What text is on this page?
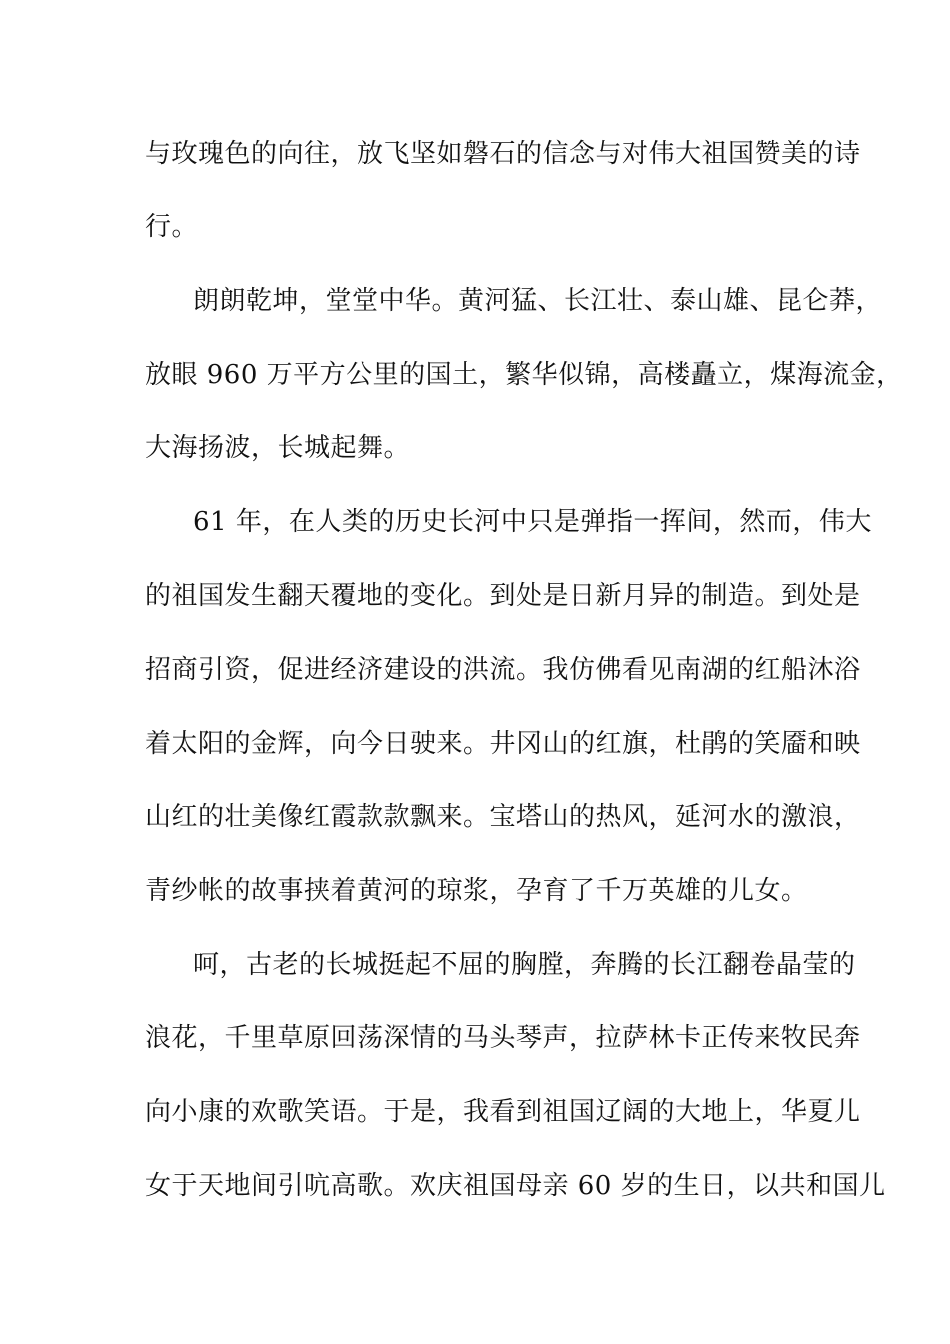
与玫瑰色的向往，放飞坚如磐石的信念与对伟大祖国赞美的诗
行。
朗朗乾坤，堂堂中华。黄河猛、长江壮、泰山雄、昆仑莽，
放眼 960 万平方公里的国土，繁华似锦，高楼矗立，煤海流金，
大海扬波，长城起舞。
61 年，在人类的历史长河中只是弹指一挥间，然而，伟大
的祖国发生翻天覆地的变化。到处是日新月异的制造。到处是
招商引资，促进经济建设的洪流。我仿佛看见南湖的红船沐浴
着太阳的金辉，向今日驶来。井冈山的红旗，杜鹃的笑靥和映
山红的壮美像红霞款款飘来。宝塔山的热风，延河水的激浪，
青纱帐的故事挟着黄河的琼浆，孕育了千万英雄的儿女。
呵，古老的长城挺起不屈的胸膛，奔腾的长江翻卷晶莹的
浪花，千里草原回荡深情的马头琴声，拉萨林卡正传来牧民奔
向小康的欢歌笑语。于是，我看到祖国辽阔的大地上，华夏儿
女于天地间引吭高歌。欢庆祖国母亲 60 岁的生日，以共和国儿
